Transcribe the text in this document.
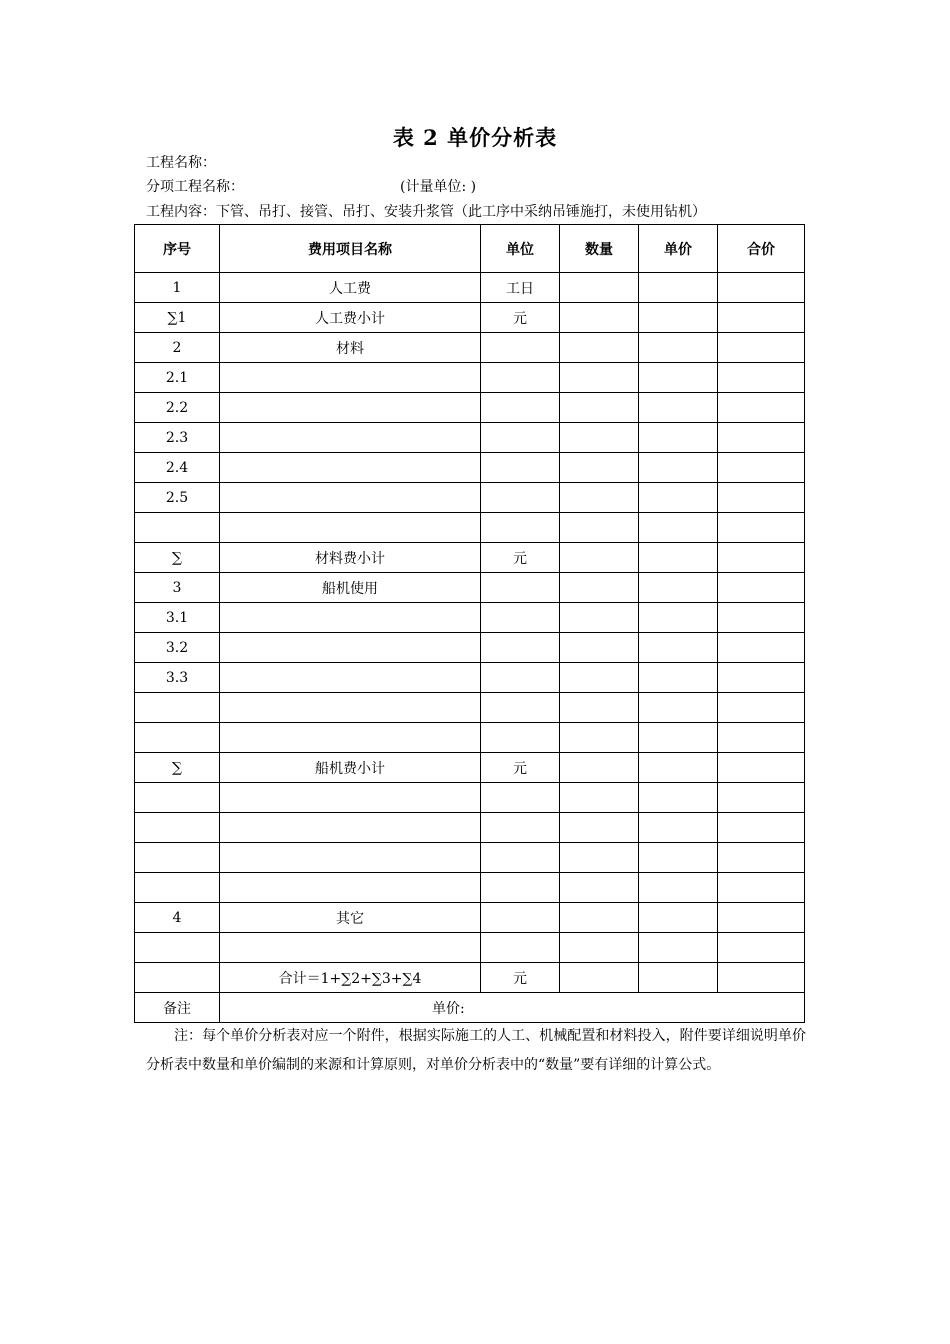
表 2 单价分析表
工程名称：
分项工程名称：	(计量单位: )
工程内容：下管、吊打、接管、吊打、安装升浆管（此工序中采纳吊锤施打，未使用钻机）
序号	费用项目名称	单位	数量	单价	合价
1	人工费	工日			
∑1	人工费小计	元			
2	材料				
2.1					
2.2					
2.3					
2.4					
2.5					

∑	材料费小计	元			
3	船机使用				
3.1					
3.2					
3.3					

∑	船机费小计	元			

4	其它				

	合计＝1+∑2+∑3+∑4	元			
备注	单价:				
注：每个单价分析表对应一个附件，根据实际施工的人工、机械配置和材料投入，附件要详细说明单价分析表中数量和单价编制的来源和计算原则，对单价分析表中的“数量”要有详细的计算公式。
